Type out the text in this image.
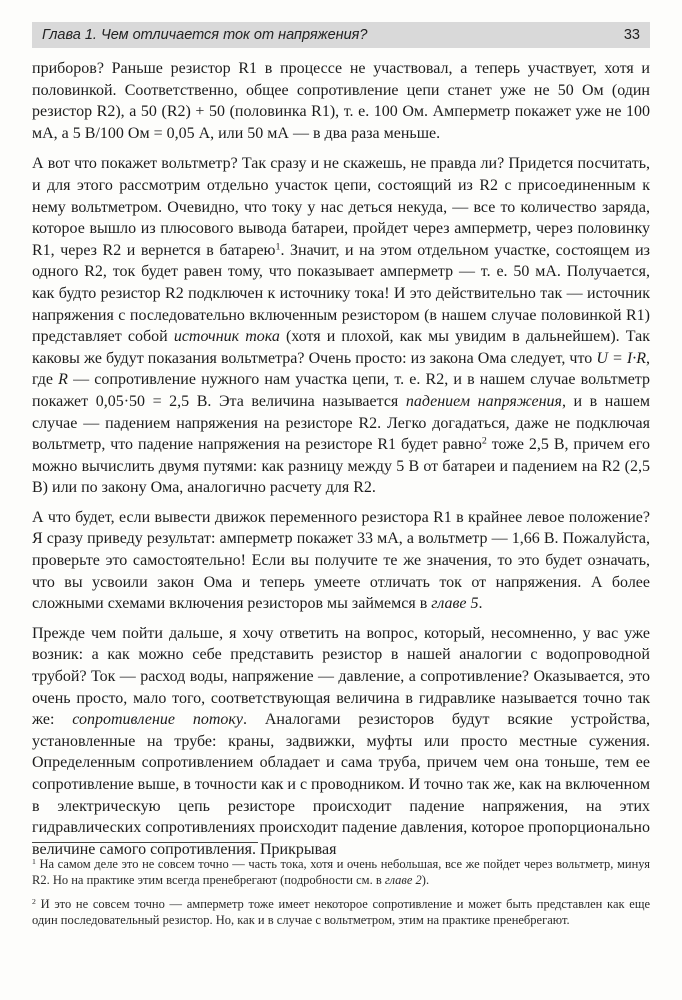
Глава 1. Чем отличается ток от напряжения?	33

приборов? Раньше резистор R1 в процессе не участвовал, а теперь участвует, хотя и половинкой. Соответственно, общее сопротивление цепи станет уже не 50 Ом (один резистор R2), а 50 (R2) + 50 (половинка R1), т. е. 100 Ом. Амперметр покажет уже не 100 мА, а 5 В/100 Ом = 0,05 А, или 50 мА — в два раза меньше.

А вот что покажет вольтметр? Так сразу и не скажешь, не правда ли? Придется посчитать, и для этого рассмотрим отдельно участок цепи, состоящий из R2 с присоединенным к нему вольтметром. Очевидно, что току у нас деться некуда, — все то количество заряда, которое вышло из плюсового вывода батареи, пройдет через амперметр, через половинку R1, через R2 и вернется в батарею$^1$. Значит, и на этом отдельном участке, состоящем из одного R2, ток будет равен тому, что показывает амперметр — т. е. 50 мА. Получается, как будто резистор R2 подключен к источнику тока! И это действительно так — источник напряжения с последовательно включенным резистором (в нашем случае половинкой R1) представляет собой источник тока (хотя и плохой, как мы увидим в дальнейшем). Так каковы же будут показания вольтметра? Очень просто: из закона Ома следует, что U = I·R, где R — сопротивление нужного нам участка цепи, т. е. R2, и в нашем случае вольтметр покажет 0,05·50 = 2,5 В. Эта величина называется падением напряжения, и в нашем случае — падением напряжения на резисторе R2. Легко догадаться, даже не подключая вольтметр, что падение напряжения на резисторе R1 будет равно$^2$ тоже 2,5 В, причем его можно вычислить двумя путями: как разницу между 5 В от батареи и падением на R2 (2,5 В) или по закону Ома, аналогично расчету для R2.

А что будет, если вывести движок переменного резистора R1 в крайнее левое положение? Я сразу приведу результат: амперметр покажет 33 мА, а вольтметр — 1,66 В. Пожалуйста, проверьте это самостоятельно! Если вы получите те же значения, то это будет означать, что вы усвоили закон Ома и теперь умеете отличать ток от напряжения. А более сложными схемами включения резисторов мы займемся в главе 5.

Прежде чем пойти дальше, я хочу ответить на вопрос, который, несомненно, у вас уже возник: а как можно себе представить резистор в нашей аналогии с водопроводной трубой? Ток — расход воды, напряжение — давление, а сопротивление? Оказывается, это очень просто, мало того, соответствующая величина в гидравлике называется точно так же: сопротивление потоку. Аналогами резисторов будут всякие устройства, установленные на трубе: краны, задвижки, муфты или просто местные сужения. Определенным сопротивлением обладает и сама труба, причем чем она тоньше, тем ее сопротивление выше, в точности как и с проводником. И точно так же, как на включенном в электрическую цепь резисторе происходит падение напряжения, на этих гидравлических сопротивлениях происходит падение давления, которое пропорционально величине самого сопротивления. Прикрывая

$^1$ На самом деле это не совсем точно — часть тока, хотя и очень небольшая, все же пойдет через вольтметр, минуя R2. Но на практике этим всегда пренебрегают (подробности см. в главе 2).

$^2$ И это не совсем точно — амперметр тоже имеет некоторое сопротивление и может быть представлен как еще один последовательный резистор. Но, как и в случае с вольтметром, этим на практике пренебрегают.
